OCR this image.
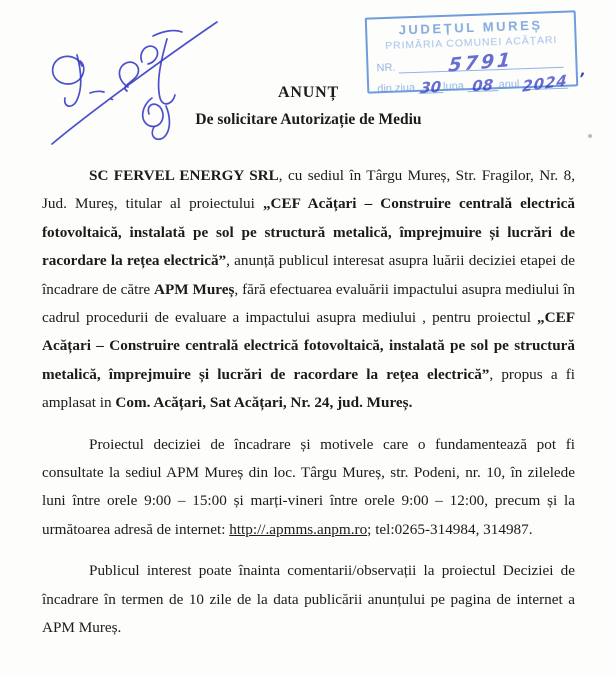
JUDEȚUL MUREȘ
PRIMĂRIA COMUNEI ACĂȚARI
NR.	5791
din ziua 30 luna 08 anul 2024 ,
ANUNȚ
De solicitare Autorizație de Mediu

SC FERVEL ENERGY SRL, cu sediul în Târgu Mureș, Str. Fragilor, Nr. 8, Jud. Mureș, titular al proiectului „CEF Acățari – Construire centrală electrică fotovoltaică, instalată pe sol pe structură metalică, împrejmuire și lucrări de racordare la rețea electrică”, anunță publicul interesat asupra luării deciziei etapei de încadrare de către APM Mureș, fără efectuarea evaluării impactului asupra mediului în cadrul procedurii de evaluare a impactului asupra mediului , pentru proiectul „CEF Acățari – Construire centrală electrică fotovoltaică, instalată pe sol pe structură metalică, împrejmuire și lucrări de racordare la rețea electrică”, propus a fi amplasat in Com. Acățari, Sat Acățari, Nr. 24, jud. Mureș.

Proiectul deciziei de încadrare și motivele care o fundamentează pot fi consultate la sediul APM Mureș din loc. Târgu Mureș, str. Podeni, nr. 10, în zilelede luni între orele 9:00 – 15:00 și marți-vineri între orele 9:00 – 12:00, precum și la următoarea adresă de internet: http://.apmms.anpm.ro; tel:0265-314984, 314987.

Publicul interest poate înainta comentarii/observații la proiectul Deciziei de încadrare în termen de 10 zile de la data publicării anunțului pe pagina de internet a APM Mureș.
